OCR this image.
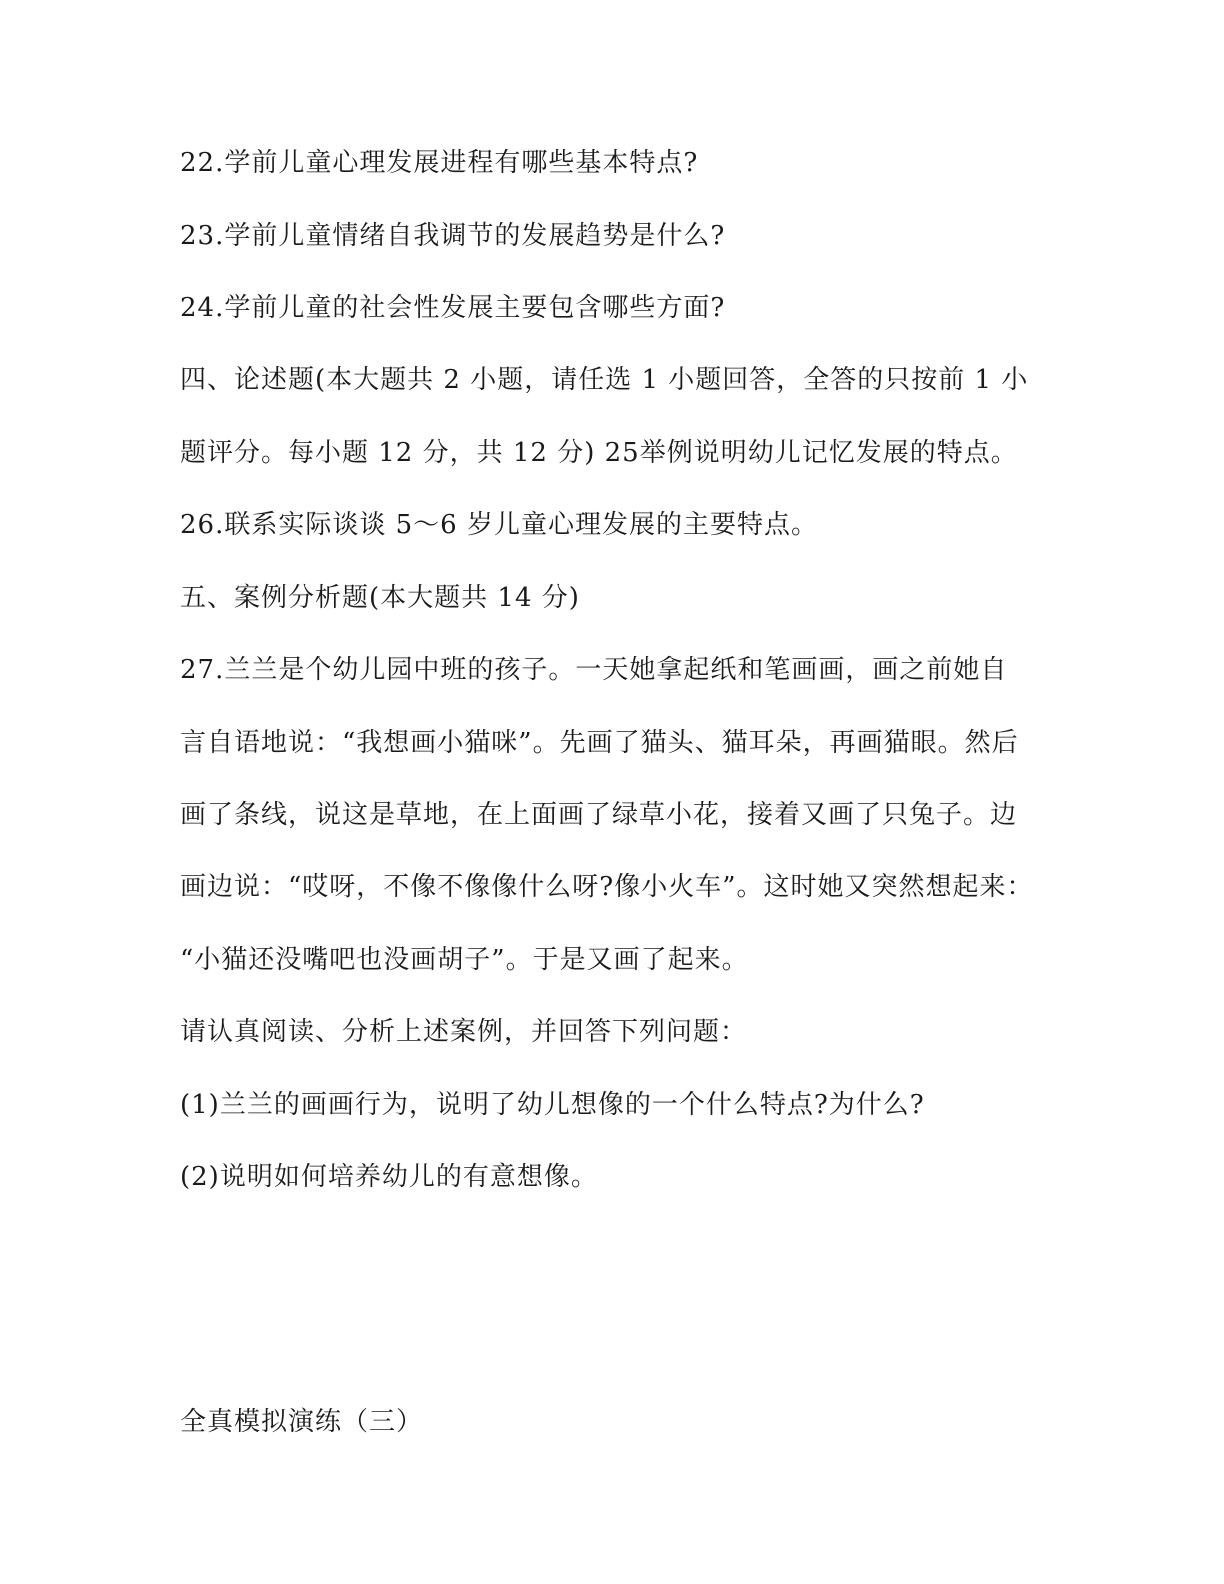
22.学前儿童心理发展进程有哪些基本特点?
23.学前儿童情绪自我调节的发展趋势是什么?
24.学前儿童的社会性发展主要包含哪些方面?
四、论述题(本大题共 2 小题，请任选 1 小题回答，全答的只按前 1 小
题评分。每小题 12 分，共 12 分) 25举例说明幼儿记忆发展的特点。
26.联系实际谈谈 5～6 岁儿童心理发展的主要特点。
五、案例分析题(本大题共 14 分)
27.兰兰是个幼儿园中班的孩子。一天她拿起纸和笔画画，画之前她自
言自语地说：“我想画小猫咪”。先画了猫头、猫耳朵，再画猫眼。然后
画了条线，说这是草地，在上面画了绿草小花，接着又画了只兔子。边
画边说：“哎呀，不像不像像什么呀?像小火车”。这时她又突然想起来：
“小猫还没嘴吧也没画胡子”。于是又画了起来。
请认真阅读、分析上述案例，并回答下列问题：
(1)兰兰的画画行为，说明了幼儿想像的一个什么特点?为什么?
(2)说明如何培养幼儿的有意想像。
全真模拟演练（三）
